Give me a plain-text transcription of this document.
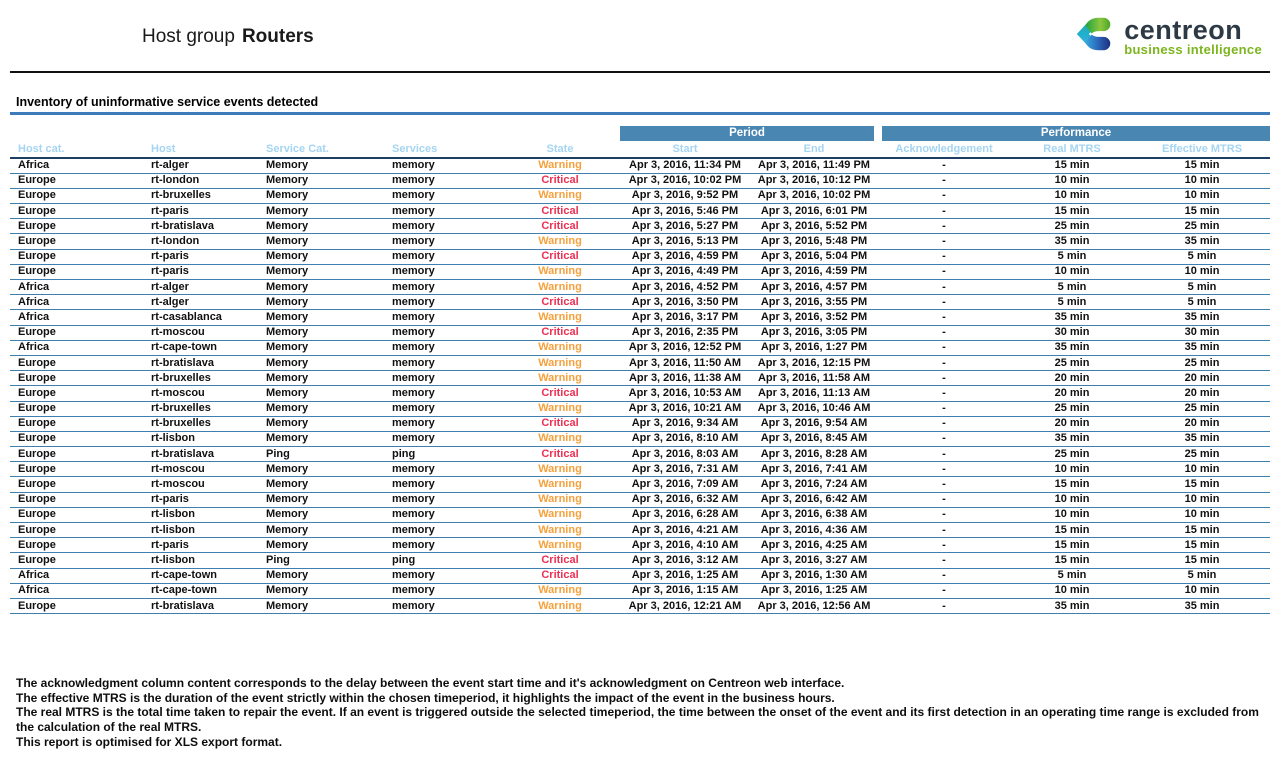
Host group Routers	centreon
business intelligence
Inventory of uninformative service events detected
					Period		Performance		
Host cat.	Host	Service Cat.	Services	State	Start	End	Acknowledgement	Real MTRS	Effective MTRS
Africa	rt-alger	Memory	memory	Warning	Apr 3, 2016, 11:34 PM	Apr 3, 2016, 11:49 PM	-	15 min	15 min
Europe	rt-london	Memory	memory	Critical	Apr 3, 2016, 10:02 PM	Apr 3, 2016, 10:12 PM	-	10 min	10 min
Europe	rt-bruxelles	Memory	memory	Warning	Apr 3, 2016, 9:52 PM	Apr 3, 2016, 10:02 PM	-	10 min	10 min
Europe	rt-paris	Memory	memory	Critical	Apr 3, 2016, 5:46 PM	Apr 3, 2016, 6:01 PM	-	15 min	15 min
Europe	rt-bratislava	Memory	memory	Critical	Apr 3, 2016, 5:27 PM	Apr 3, 2016, 5:52 PM	-	25 min	25 min
Europe	rt-london	Memory	memory	Warning	Apr 3, 2016, 5:13 PM	Apr 3, 2016, 5:48 PM	-	35 min	35 min
Europe	rt-paris	Memory	memory	Critical	Apr 3, 2016, 4:59 PM	Apr 3, 2016, 5:04 PM	-	5 min	5 min
Europe	rt-paris	Memory	memory	Warning	Apr 3, 2016, 4:49 PM	Apr 3, 2016, 4:59 PM	-	10 min	10 min
Africa	rt-alger	Memory	memory	Warning	Apr 3, 2016, 4:52 PM	Apr 3, 2016, 4:57 PM	-	5 min	5 min
Africa	rt-alger	Memory	memory	Critical	Apr 3, 2016, 3:50 PM	Apr 3, 2016, 3:55 PM	-	5 min	5 min
Africa	rt-casablanca	Memory	memory	Warning	Apr 3, 2016, 3:17 PM	Apr 3, 2016, 3:52 PM	-	35 min	35 min
Europe	rt-moscou	Memory	memory	Critical	Apr 3, 2016, 2:35 PM	Apr 3, 2016, 3:05 PM	-	30 min	30 min
Africa	rt-cape-town	Memory	memory	Warning	Apr 3, 2016, 12:52 PM	Apr 3, 2016, 1:27 PM	-	35 min	35 min
Europe	rt-bratislava	Memory	memory	Warning	Apr 3, 2016, 11:50 AM	Apr 3, 2016, 12:15 PM	-	25 min	25 min
Europe	rt-bruxelles	Memory	memory	Warning	Apr 3, 2016, 11:38 AM	Apr 3, 2016, 11:58 AM	-	20 min	20 min
Europe	rt-moscou	Memory	memory	Critical	Apr 3, 2016, 10:53 AM	Apr 3, 2016, 11:13 AM	-	20 min	20 min
Europe	rt-bruxelles	Memory	memory	Warning	Apr 3, 2016, 10:21 AM	Apr 3, 2016, 10:46 AM	-	25 min	25 min
Europe	rt-bruxelles	Memory	memory	Critical	Apr 3, 2016, 9:34 AM	Apr 3, 2016, 9:54 AM	-	20 min	20 min
Europe	rt-lisbon	Memory	memory	Warning	Apr 3, 2016, 8:10 AM	Apr 3, 2016, 8:45 AM	-	35 min	35 min
Europe	rt-bratislava	Ping	ping	Critical	Apr 3, 2016, 8:03 AM	Apr 3, 2016, 8:28 AM	-	25 min	25 min
Europe	rt-moscou	Memory	memory	Warning	Apr 3, 2016, 7:31 AM	Apr 3, 2016, 7:41 AM	-	10 min	10 min
Europe	rt-moscou	Memory	memory	Warning	Apr 3, 2016, 7:09 AM	Apr 3, 2016, 7:24 AM	-	15 min	15 min
Europe	rt-paris	Memory	memory	Warning	Apr 3, 2016, 6:32 AM	Apr 3, 2016, 6:42 AM	-	10 min	10 min
Europe	rt-lisbon	Memory	memory	Warning	Apr 3, 2016, 6:28 AM	Apr 3, 2016, 6:38 AM	-	10 min	10 min
Europe	rt-lisbon	Memory	memory	Warning	Apr 3, 2016, 4:21 AM	Apr 3, 2016, 4:36 AM	-	15 min	15 min
Europe	rt-paris	Memory	memory	Warning	Apr 3, 2016, 4:10 AM	Apr 3, 2016, 4:25 AM	-	15 min	15 min
Europe	rt-lisbon	Ping	ping	Critical	Apr 3, 2016, 3:12 AM	Apr 3, 2016, 3:27 AM	-	15 min	15 min
Africa	rt-cape-town	Memory	memory	Critical	Apr 3, 2016, 1:25 AM	Apr 3, 2016, 1:30 AM	-	5 min	5 min
Africa	rt-cape-town	Memory	memory	Warning	Apr 3, 2016, 1:15 AM	Apr 3, 2016, 1:25 AM	-	10 min	10 min
Europe	rt-bratislava	Memory	memory	Warning	Apr 3, 2016, 12:21 AM	Apr 3, 2016, 12:56 AM	-	35 min	35 min

The acknowledgment column content corresponds to the delay between the event start time and it's acknowledgment on Centreon web interface.

The effective MTRS is the duration of the event strictly within the chosen timeperiod, it highlights the impact of the event in the business hours.

The real MTRS is the total time taken to repair the event. If an event is triggered outside the selected timeperiod, the time between the onset of the event and its first detection in an operating time range is excluded from the calculation of the real MTRS.

This report is optimised for XLS export format.
